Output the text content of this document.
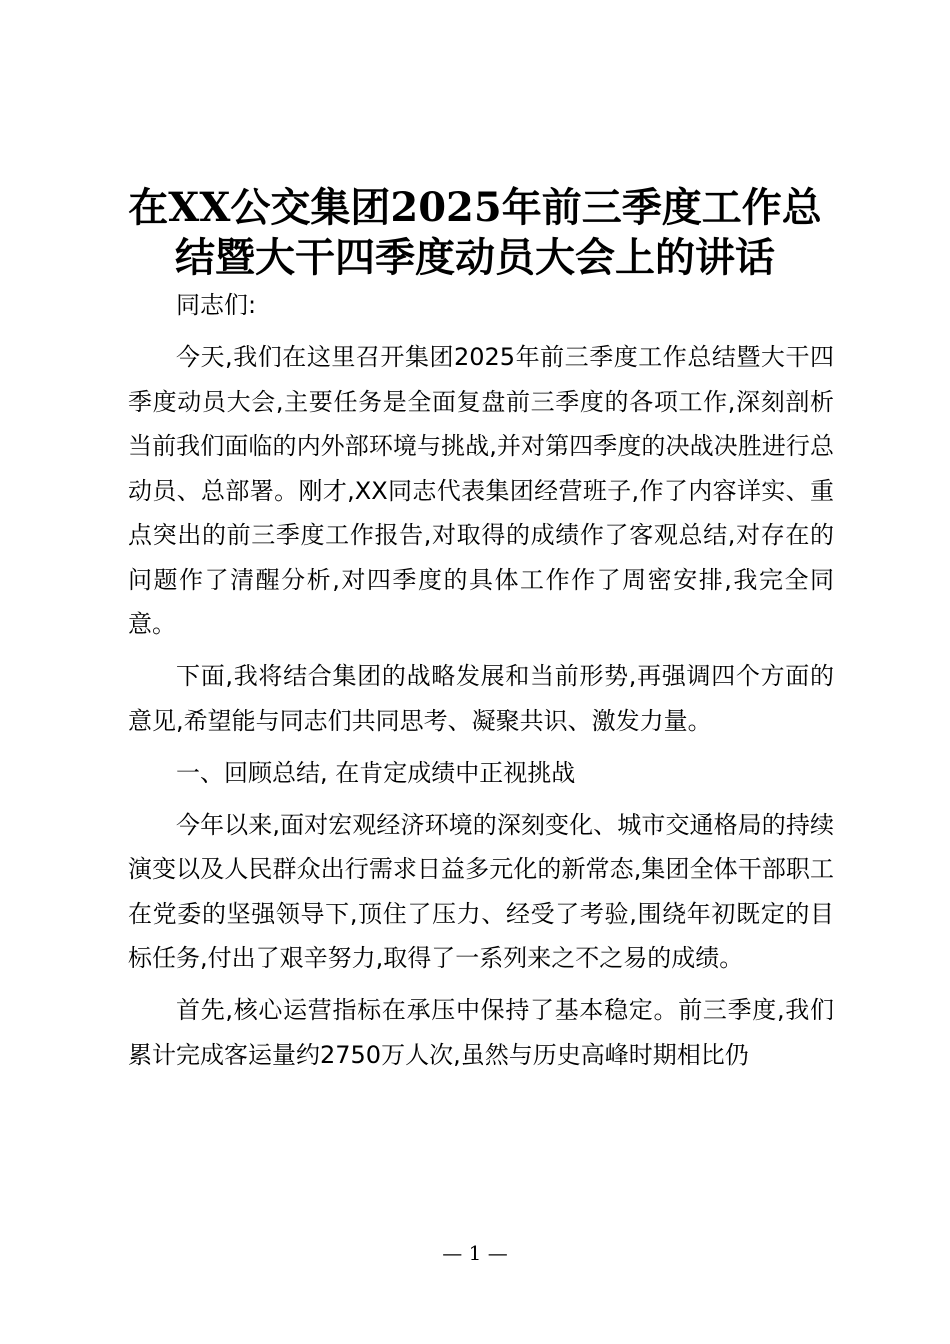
在XX公交集团2025年前三季度工作总
结暨大干四季度动员大会上的讲话

同志们:

今天,我们在这里召开集团2025年前三季度工作总结暨大干四季度动员大会,主要任务是全面复盘前三季度的各项工作,深刻剖析当前我们面临的内外部环境与挑战,并对第四季度的决战决胜进行总动员、总部署。刚才,XX同志代表集团经营班子,作了内容详实、重点突出的前三季度工作报告,对取得的成绩作了客观总结,对存在的问题作了清醒分析,对四季度的具体工作作了周密安排,我完全同意。

下面,我将结合集团的战略发展和当前形势,再强调四个方面的意见,希望能与同志们共同思考、凝聚共识、激发力量。

一、回顾总结, 在肯定成绩中正视挑战

今年以来,面对宏观经济环境的深刻变化、城市交通格局的持续演变以及人民群众出行需求日益多元化的新常态,集团全体干部职工在党委的坚强领导下,顶住了压力、经受了考验,围绕年初既定的目标任务,付出了艰辛努力,取得了一系列来之不之易的成绩。

首先,核心运营指标在承压中保持了基本稳定。前三季度,我们累计完成客运量约2750万人次,虽然与历史高峰时期相比仍

— 1 —
